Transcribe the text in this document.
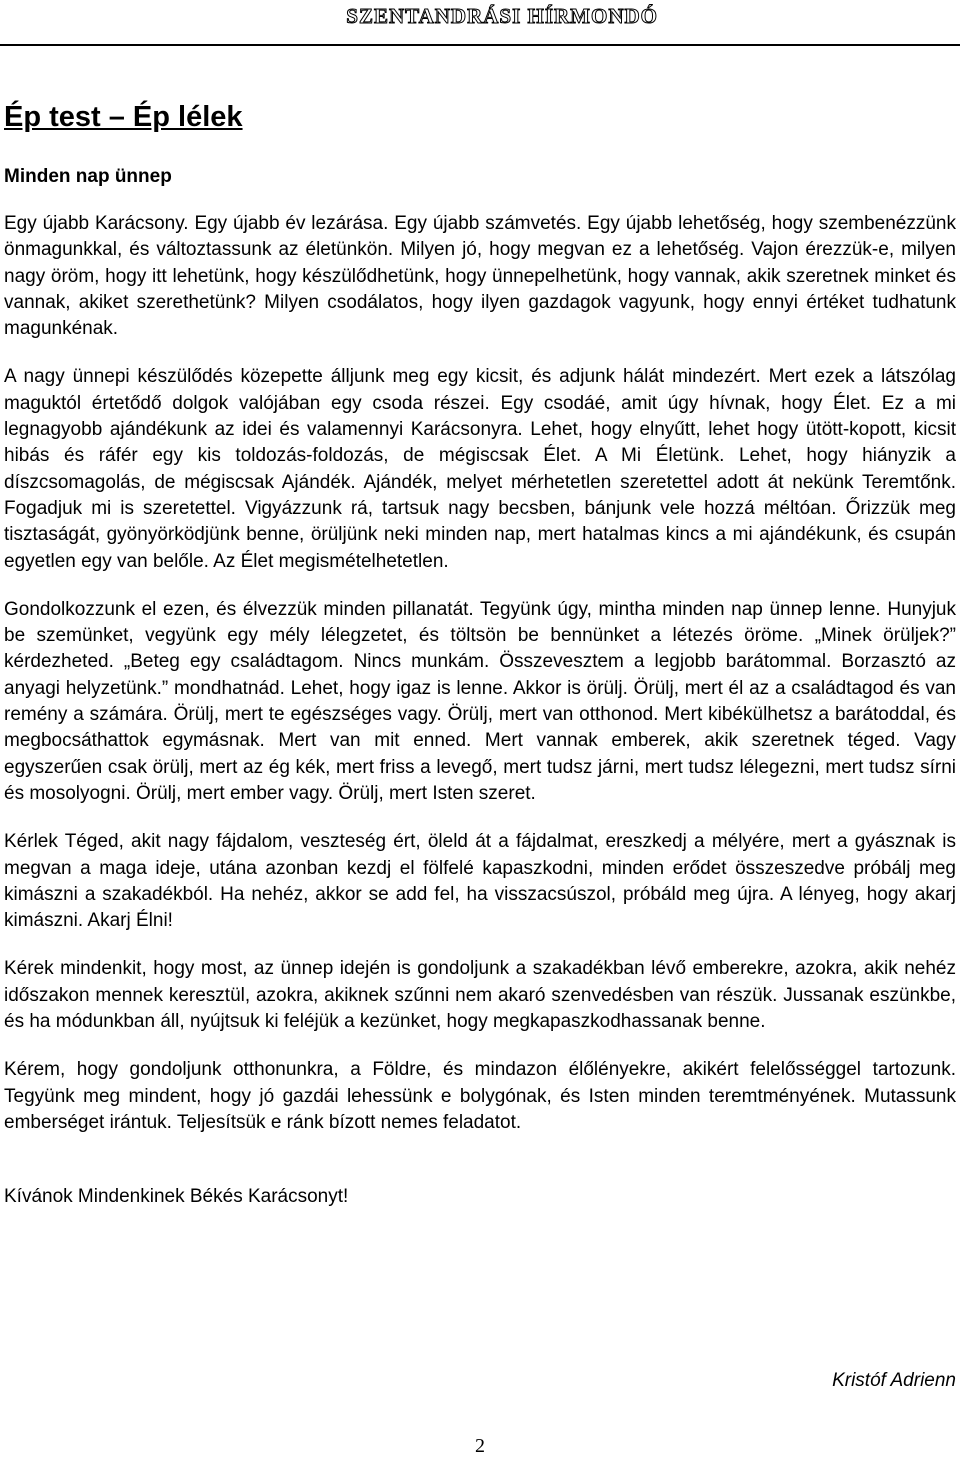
SZENTANDRÁSI HÍRMONDÓ
Ép test – Ép lélek
Minden nap ünnep

Egy újabb Karácsony. Egy újabb év lezárása. Egy újabb számvetés. Egy újabb lehetőség, hogy szembenézzünk önmagunkkal, és változtassunk az életünkön. Milyen jó, hogy megvan ez a lehetőség. Vajon érezzük-e, milyen nagy öröm, hogy itt lehetünk, hogy készülődhetünk, hogy ünnepelhetünk, hogy vannak, akik szeretnek minket és vannak, akiket szerethetünk? Milyen csodálatos, hogy ilyen gazdagok vagyunk, hogy ennyi értéket tudhatunk magunkénak.

A nagy ünnepi készülődés közepette álljunk meg egy kicsit, és adjunk hálát mindezért. Mert ezek a látszólag maguktól értetődő dolgok valójában egy csoda részei. Egy csodáé, amit úgy hívnak, hogy Élet. Ez a mi legnagyobb ajándékunk az idei és valamennyi Karácsonyra. Lehet, hogy elnyűtt, lehet hogy ütött-kopott, kicsit hibás és ráfér egy kis toldozás-foldozás, de mégiscsak Élet. A Mi Életünk. Lehet, hogy hiányzik a díszcsomagolás, de mégiscsak Ajándék. Ajándék, melyet mérhetetlen szeretettel adott át nekünk Teremtőnk. Fogadjuk mi is szeretettel. Vigyázzunk rá, tartsuk nagy becsben, bánjunk vele hozzá méltóan. Őrizzük meg tisztaságát, gyönyörködjünk benne, örüljünk neki minden nap, mert hatalmas kincs a mi ajándékunk, és csupán egyetlen egy van belőle. Az Élet megismételhetetlen.

Gondolkozzunk el ezen, és élvezzük minden pillanatát. Tegyünk úgy, mintha minden nap ünnep lenne. Hunyjuk be szemünket, vegyünk egy mély lélegzetet, és töltsön be bennünket a létezés öröme. „Minek örüljek?” kérdezheted. „Beteg egy családtagom. Nincs munkám. Összevesztem a legjobb barátommal. Borzasztó az anyagi helyzetünk.” mondhatnád. Lehet, hogy igaz is lenne. Akkor is örülj. Örülj, mert él az a családtagod és van remény a számára. Örülj, mert te egészséges vagy. Örülj, mert van otthonod. Mert kibékülhetsz a barátoddal, és megbocsáthattok egymásnak. Mert van mit enned. Mert vannak emberek, akik szeretnek téged. Vagy egyszerűen csak örülj, mert az ég kék, mert friss a levegő, mert tudsz járni, mert tudsz lélegezni, mert tudsz sírni és mosolyogni. Örülj, mert ember vagy. Örülj, mert Isten szeret.

Kérlek Téged, akit nagy fájdalom, veszteség ért, öleld át a fájdalmat, ereszkedj a mélyére, mert a gyásznak is megvan a maga ideje, utána azonban kezdj el fölfelé kapaszkodni, minden erődet összeszedve próbálj meg kimászni a szakadékból. Ha nehéz, akkor se add fel, ha visszacsúszol, próbáld meg újra. A lényeg, hogy akarj kimászni. Akarj Élni!

Kérek mindenkit, hogy most, az ünnep idején is gondoljunk a szakadékban lévő emberekre, azokra, akik nehéz időszakon mennek keresztül, azokra, akiknek szűnni nem akaró szenvedésben van részük. Jussanak eszünkbe, és ha módunkban áll, nyújtsuk ki feléjük a kezünket, hogy megkapaszkodhassanak benne.

Kérem, hogy gondoljunk otthonunkra, a Földre, és mindazon élőlényekre, akikért felelősséggel tartozunk. Tegyünk meg mindent, hogy jó gazdái lehessünk e bolygónak, és Isten minden teremtményének. Mutassunk emberséget irántuk. Teljesítsük e ránk bízott nemes feladatot.

Kívánok Mindenkinek Békés Karácsonyt!

Kristóf Adrienn
2
